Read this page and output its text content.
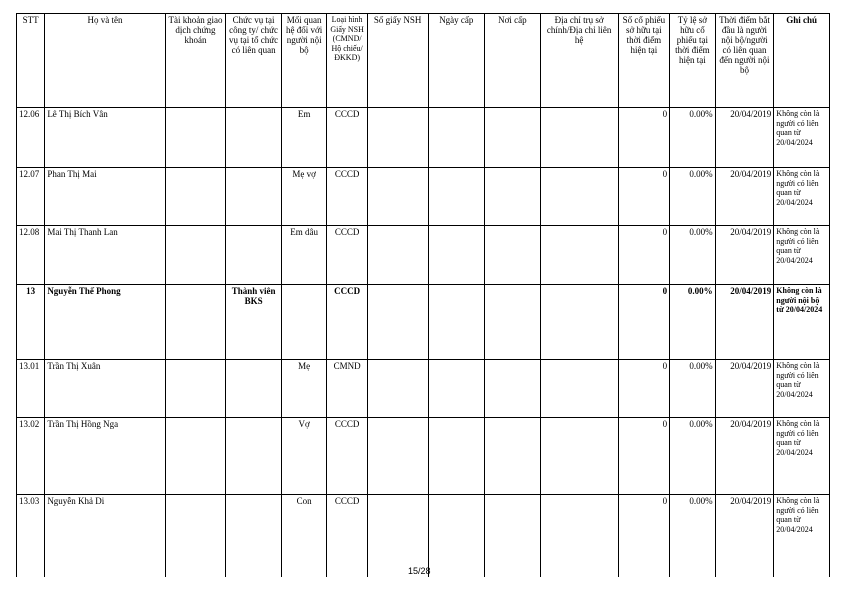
STT	Họ và tên	Tài khoản giao dịch chứng khoán	Chức vụ tại công ty/ chức vụ tại tổ chức có liên quan	Mối quan hệ đối với người nội bộ	Loại hình Giấy NSH (CMND/ Hộ chiếu/ ĐKKD)	Số giấy NSH	Ngày cấp	Nơi cấp	Địa chỉ trụ sở chính/Địa chỉ liên hệ	Số cổ phiếu sở hữu tại thời điểm hiện tại	Tỷ lệ sở hữu cổ phiếu tại thời điểm hiện tại	Thời điểm bắt đầu là người nội bộ/người có liên quan đến người nội bộ	Ghi chú
12.06	Lê Thị Bích Vân			Em	CCCD					0	0.00%	20/04/2019	Không còn là người có liên quan từ 20/04/2024
12.07	Phan Thị Mai			Mẹ vợ	CCCD					0	0.00%	20/04/2019	Không còn là người có liên quan từ 20/04/2024
12.08	Mai Thị Thanh Lan			Em dâu	CCCD					0	0.00%	20/04/2019	Không còn là người có liên quan từ 20/04/2024
13	Nguyễn Thế Phong		Thành viên BKS		CCCD					0	0.00%	20/04/2019	Không còn là người nội bộ từ 20/04/2024
13.01	Trần Thị Xuân			Mẹ	CMND					0	0.00%	20/04/2019	Không còn là người có liên quan từ 20/04/2024
13.02	Trần Thị Hồng Nga			Vợ	CCCD					0	0.00%	20/04/2019	Không còn là người có liên quan từ 20/04/2024
13.03	Nguyễn Khả Di			Con	CCCD					0	0.00%	20/04/2019	Không còn là người có liên quan từ 20/04/2024
15/28
